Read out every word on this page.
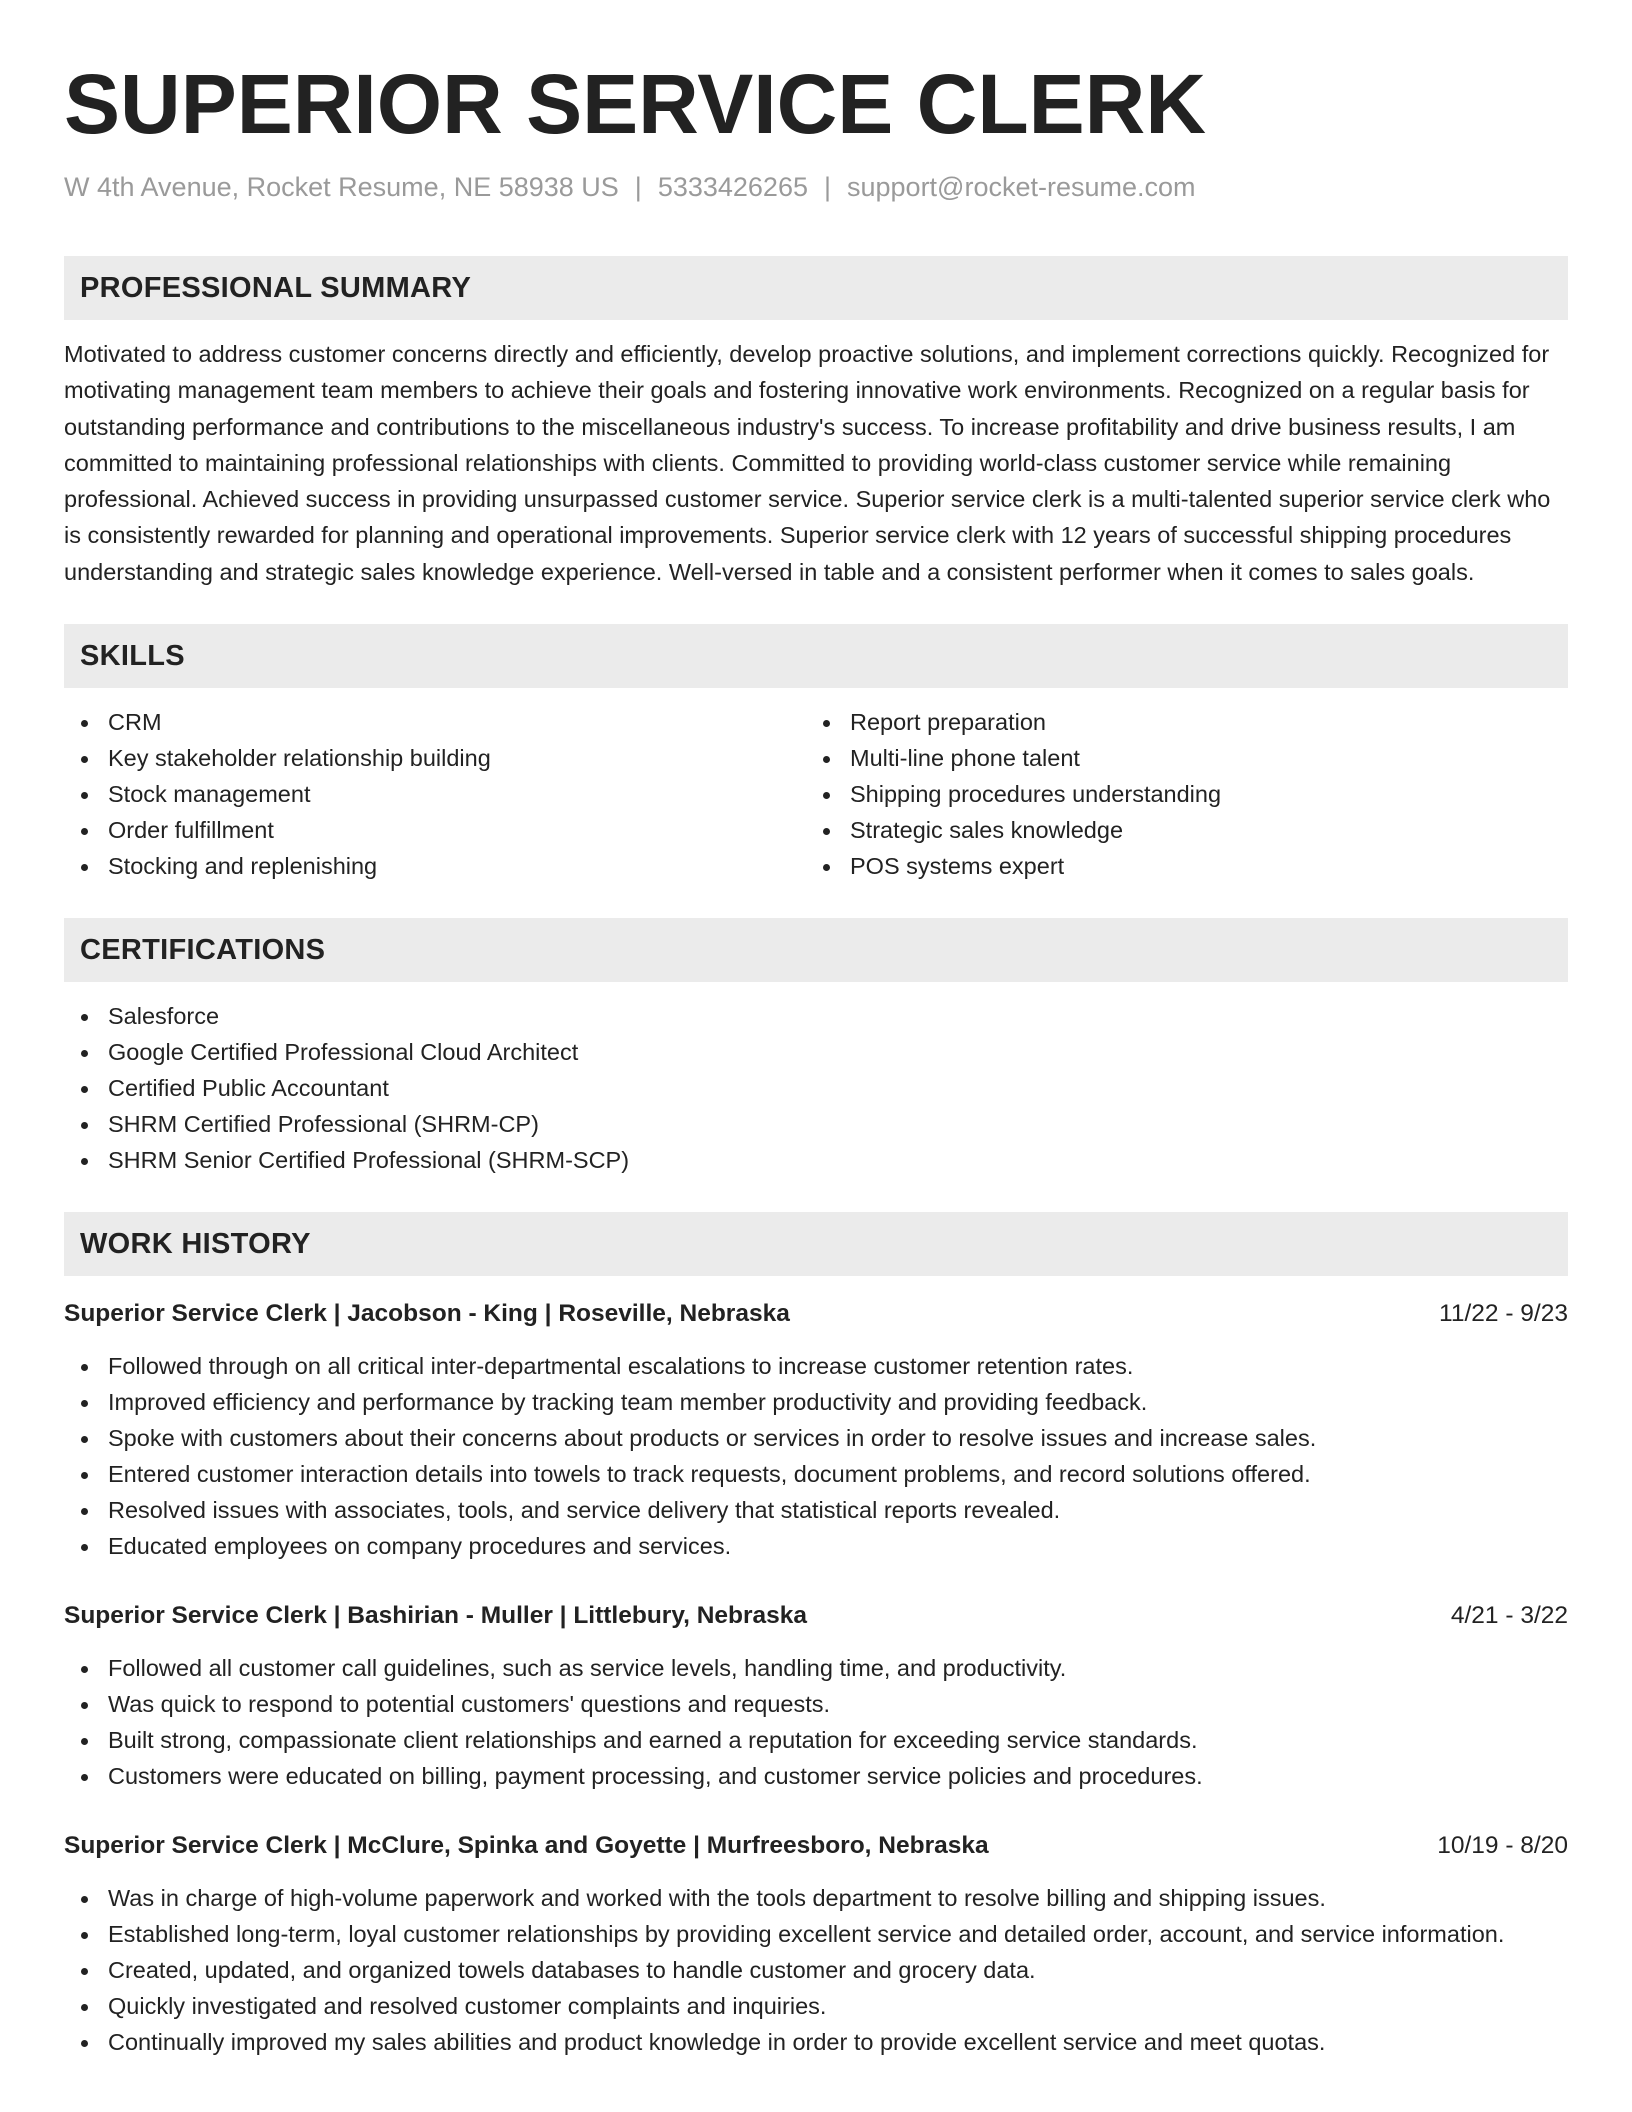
SUPERIOR SERVICE CLERK
W 4th Avenue, Rocket Resume, NE 58938 US | 5333426265 | support@rocket-resume.com
PROFESSIONAL SUMMARY

Motivated to address customer concerns directly and efficiently, develop proactive solutions, and implement corrections quickly. Recognized for motivating management team members to achieve their goals and fostering innovative work environments. Recognized on a regular basis for outstanding performance and contributions to the miscellaneous industry's success. To increase profitability and drive business results, I am committed to maintaining professional relationships with clients. Committed to providing world-class customer service while remaining professional. Achieved success in providing unsurpassed customer service. Superior service clerk is a multi-talented superior service clerk who is consistently rewarded for planning and operational improvements. Superior service clerk with 12 years of successful shipping procedures understanding and strategic sales knowledge experience. Well-versed in table and a consistent performer when it comes to sales goals.

SKILLS
CRM
Key stakeholder relationship building
Stock management
Order fulfillment
Stocking and replenishing
Report preparation
Multi-line phone talent
Shipping procedures understanding
Strategic sales knowledge
POS systems expert
CERTIFICATIONS
Salesforce
Google Certified Professional Cloud Architect
Certified Public Accountant
SHRM Certified Professional (SHRM-CP)
SHRM Senior Certified Professional (SHRM-SCP)
WORK HISTORY
Superior Service Clerk | Jacobson - King | Roseville, Nebraska	11/22 - 9/23
Followed through on all critical inter-departmental escalations to increase customer retention rates.
Improved efficiency and performance by tracking team member productivity and providing feedback.
Spoke with customers about their concerns about products or services in order to resolve issues and increase sales.
Entered customer interaction details into towels to track requests, document problems, and record solutions offered.
Resolved issues with associates, tools, and service delivery that statistical reports revealed.
Educated employees on company procedures and services.
Superior Service Clerk | Bashirian - Muller | Littlebury, Nebraska	4/21 - 3/22
Followed all customer call guidelines, such as service levels, handling time, and productivity.
Was quick to respond to potential customers' questions and requests.
Built strong, compassionate client relationships and earned a reputation for exceeding service standards.
Customers were educated on billing, payment processing, and customer service policies and procedures.
Superior Service Clerk | McClure, Spinka and Goyette | Murfreesboro, Nebraska	10/19 - 8/20
Was in charge of high-volume paperwork and worked with the tools department to resolve billing and shipping issues.
Established long-term, loyal customer relationships by providing excellent service and detailed order, account, and service information.
Created, updated, and organized towels databases to handle customer and grocery data.
Quickly investigated and resolved customer complaints and inquiries.
Continually improved my sales abilities and product knowledge in order to provide excellent service and meet quotas.
